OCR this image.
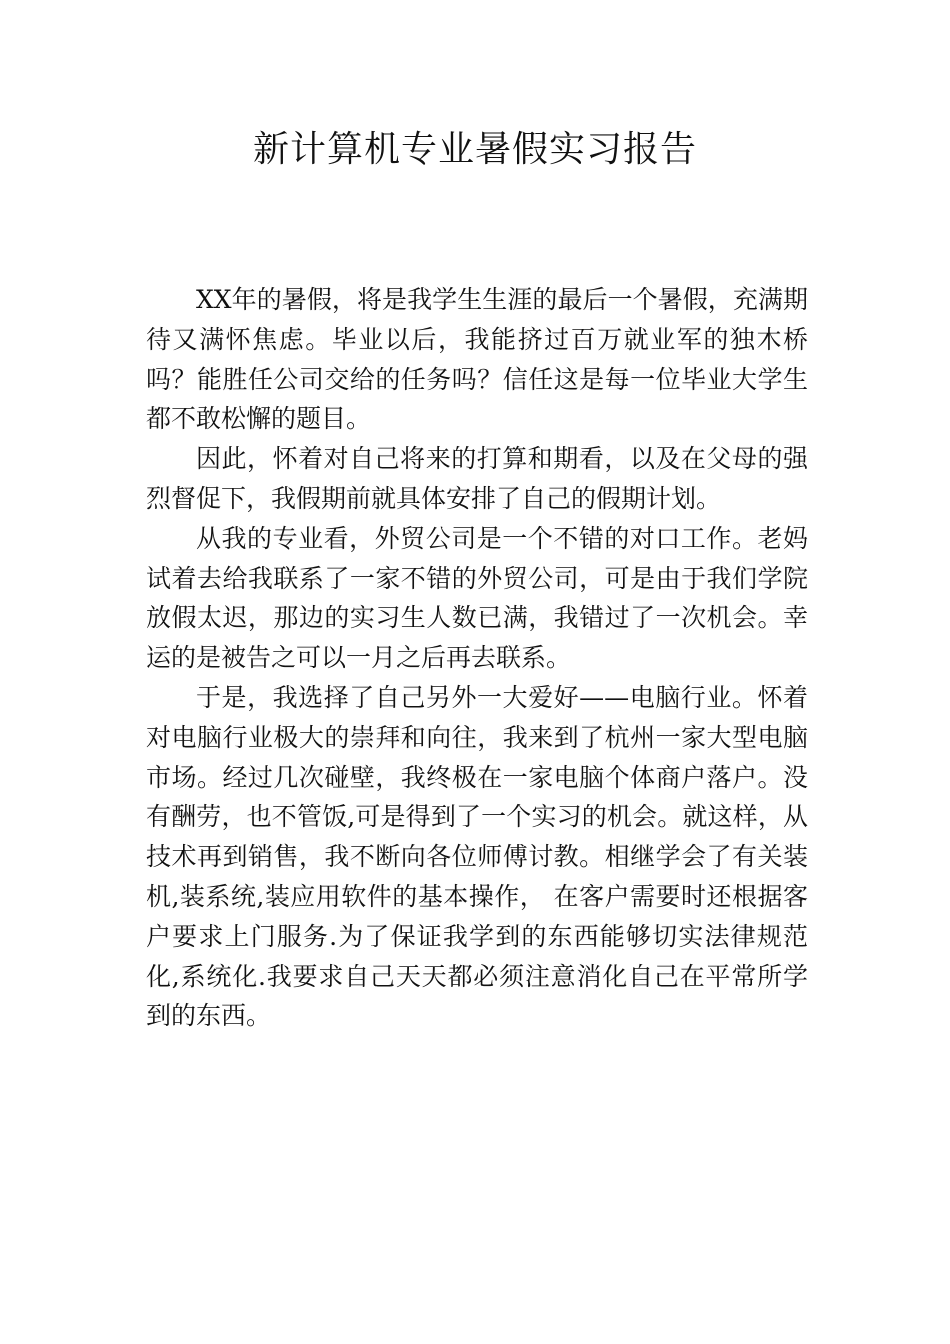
新计算机专业暑假实习报告

XX年的暑假，将是我学生生涯的最后一个暑假，充满期待又满怀焦虑。毕业以后，我能挤过百万就业军的独木桥吗？能胜任公司交给的任务吗？信任这是每一位毕业大学生都不敢松懈的题目。

因此，怀着对自己将来的打算和期看，以及在父母的强烈督促下，我假期前就具体安排了自己的假期计划。

从我的专业看，外贸公司是一个不错的对口工作。老妈试着去给我联系了一家不错的外贸公司，可是由于我们学院放假太迟，那边的实习生人数已满，我错过了一次机会。幸运的是被告之可以一月之后再去联系。

于是，我选择了自己另外一大爱好——电脑行业。怀着对电脑行业极大的崇拜和向往，我来到了杭州一家大型电脑市场。经过几次碰壁，我终极在一家电脑个体商户落户。没有酬劳，也不管饭,可是得到了一个实习的机会。就这样，从技术再到销售，我不断向各位师傅讨教。相继学会了有关装机,装系统,装应用软件的基本操作， 在客户需要时还根据客户要求上门服务.为了保证我学到的东西能够切实法律规范化,系统化.我要求自己天天都必须注意消化自己在平常所学到的东西。
